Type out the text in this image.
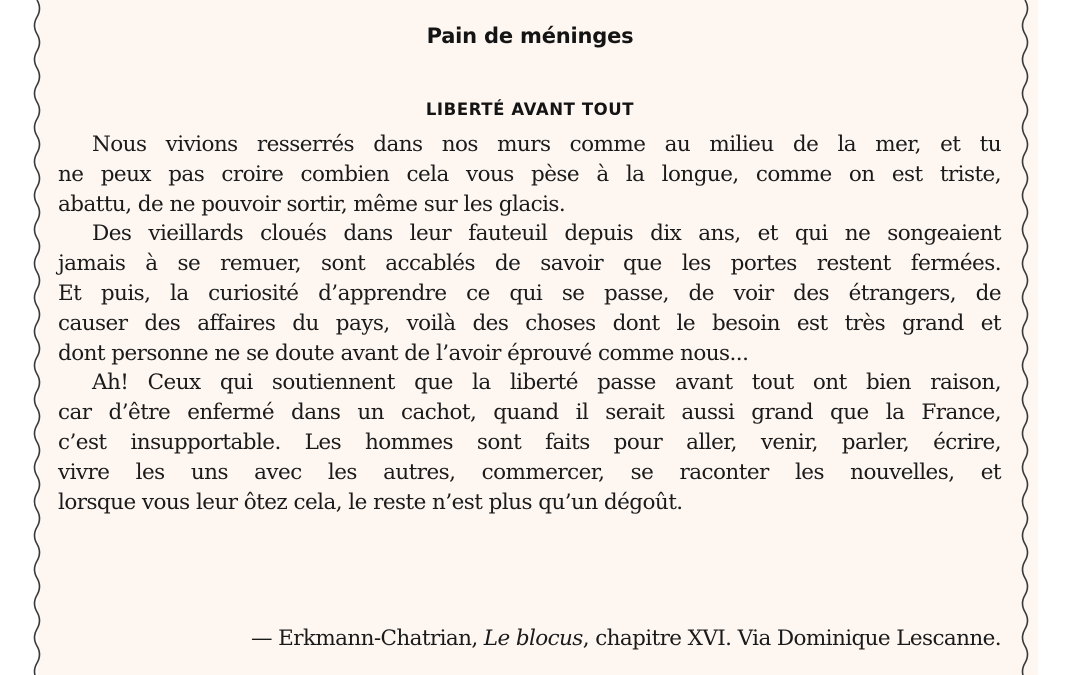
Pain de méninges
LIBERTÉ AVANT TOUT
Nous vivions resserrés dans nos murs comme au milieu de la mer, et tu
ne peux pas croire combien cela vous pèse à la longue, comme on est triste,
abattu, de ne pouvoir sortir, même sur les glacis.
Des vieillards cloués dans leur fauteuil depuis dix ans, et qui ne songeaient
jamais à se remuer, sont accablés de savoir que les portes restent fermées.
Et puis, la curiosité d’apprendre ce qui se passe, de voir des étrangers, de
causer des affaires du pays, voilà des choses dont le besoin est très grand et
dont personne ne se doute avant de l’avoir éprouvé comme nous...
Ah! Ceux qui soutiennent que la liberté passe avant tout ont bien raison,
car d’être enfermé dans un cachot, quand il serait aussi grand que la France,
c’est insupportable. Les hommes sont faits pour aller, venir, parler, écrire,
vivre les uns avec les autres, commercer, se raconter les nouvelles, et
lorsque vous leur ôtez cela, le reste n’est plus qu’un dégoût.
— Erkmann-Chatrian, Le blocus, chapitre XVI. Via Dominique Lescanne.
